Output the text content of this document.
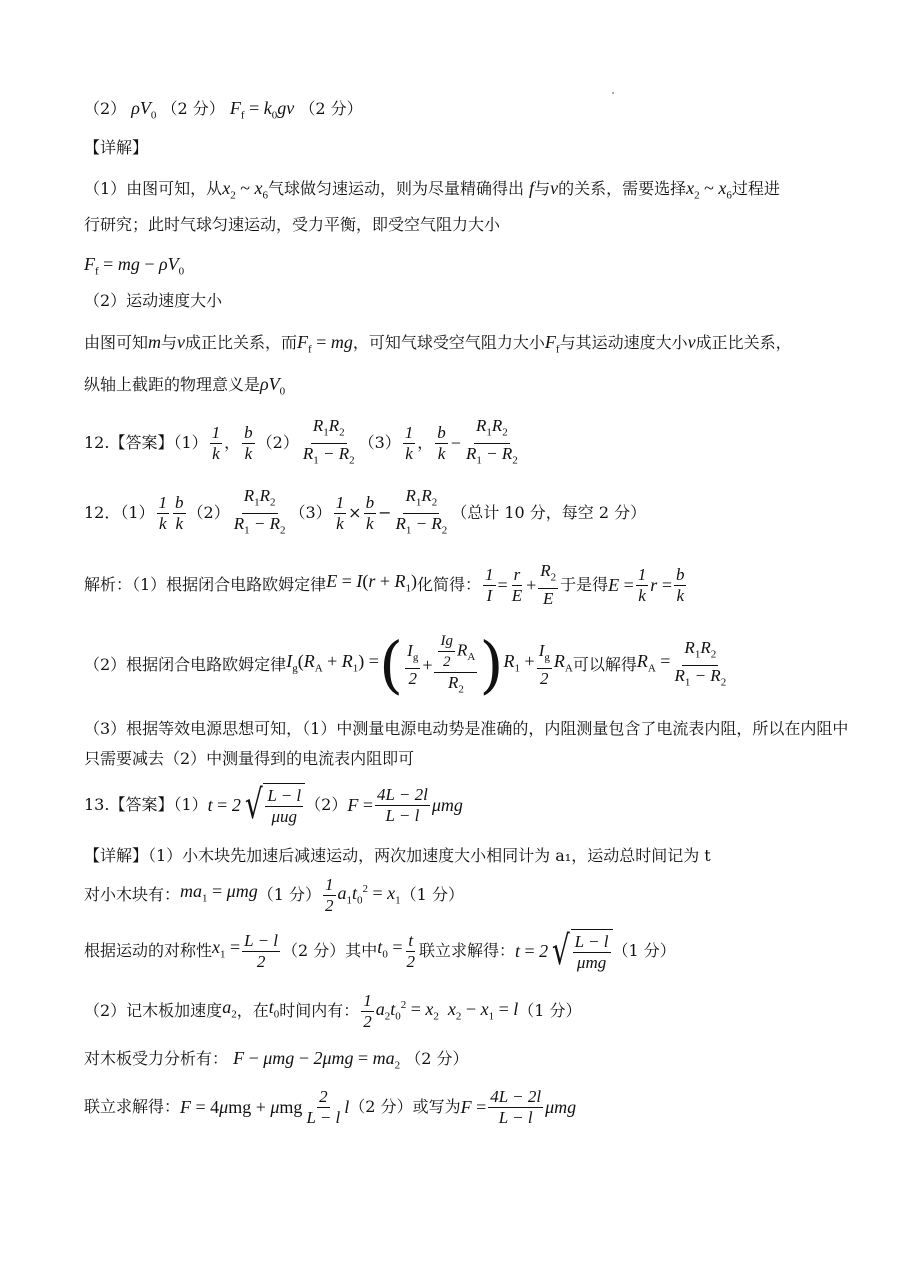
（2） $\rho V_0$ （2 分） $F_f = k_0gv$ （2 分）
【详解】
（1）由图可知，从$x_2$ ~ $x_6$气球做匀速运动，则为尽量精确得出 f与v的关系，需要选择$x_2$ ~ $x_6$过程进
行研究；此时气球匀速运动，受力平衡，即受空气阻力大小
$F_f$ = mg − $\rho V_0$
（2）运动速度大小
由图可知m与v成正比关系，而$F_f$ = mg，可知气球受空气阻力大小$F_f$与其运动速度大小v成正比关系，
纵轴上截距的物理意义是$\rho V_0$
12.【答案】$(1) \frac{1}{k}$ ， $\frac{b}{k} (2) \frac{R_1R_2}{R_1 - R_2} (3) \frac{1}{k}$ ， $\frac{b}{k} - \frac{R_1R_2}{R_1 - R_2}$
12．$(1) \frac{1}{k} \frac{b}{k} (2) \frac{R_1R_2}{R_1 - R_2} (3) \frac{1}{k} \times \frac{b}{k} - \frac{R_1R_2}{R_1 - R_2}$ （总计 10 分，每空 2 分）
解析：（1）根据闭合电路欧姆定律 $E = I(r + R_1)$ 化简得： $\frac{1}{I} = \frac{r}{E} + \frac{R_2}{E}$ 于是得 $E = \frac{1}{k}$ $r = \frac{b}{k}$
（2）根据闭合电路欧姆定律 $I_g(R_A + R_1)$ = ( $\frac{I_g}{2} + \frac{\frac{Ig}{2} R_A}{R_2}$ ) $R_1 + \frac{I_g}{2} R_A$ 可以解得 $R_A = \frac{R_1R_2}{R_1 - R_2}$
（3）根据等效电源思想可知，（1）中测量电源电动势是准确的，内阻测量包含了电流表内阻，所以在内阻中只需要减去（2）中测量得到的电流表内阻即可
13.【答案】（1） t = 2 √ $\frac{L - l}{\text{μug}} (2) F = \frac{4L - 2l}{L - l}$ μmg
【详解】（1）小木块先加速后减速运动，两次加速度大小相同计为 a₁，运动总时间记为 t
对小木块有： $ma_1 = \mu mg$ （1 分） $\frac{1}{2} a_1t_0^2 = x_1$ （1 分）
根据运动的对称性 $x_1 = \frac{L - l}{2} (2$ 分）其中 $t_0 = \frac{t}{2}$ 联立求解得： t = 2 √ $\frac{L - l}{\text{μmg}} (1$ 分）
（2）记木板加速度 $a_2$ ，在 $t_0$ 时间内有： $\frac{1}{2} a_2t_0^2 = x_2$  $x_2 - x_1 = l$ （1 分）
对木板受力分析有： $F - \mu mg - 2\mu mg = ma_2$ （2 分）
联立求解得： F = 4μmg + μmg $\frac{2}{L - l}$ l （2 分）或写为 $F = \frac{4L - 2l}{L - l}$ μmg
